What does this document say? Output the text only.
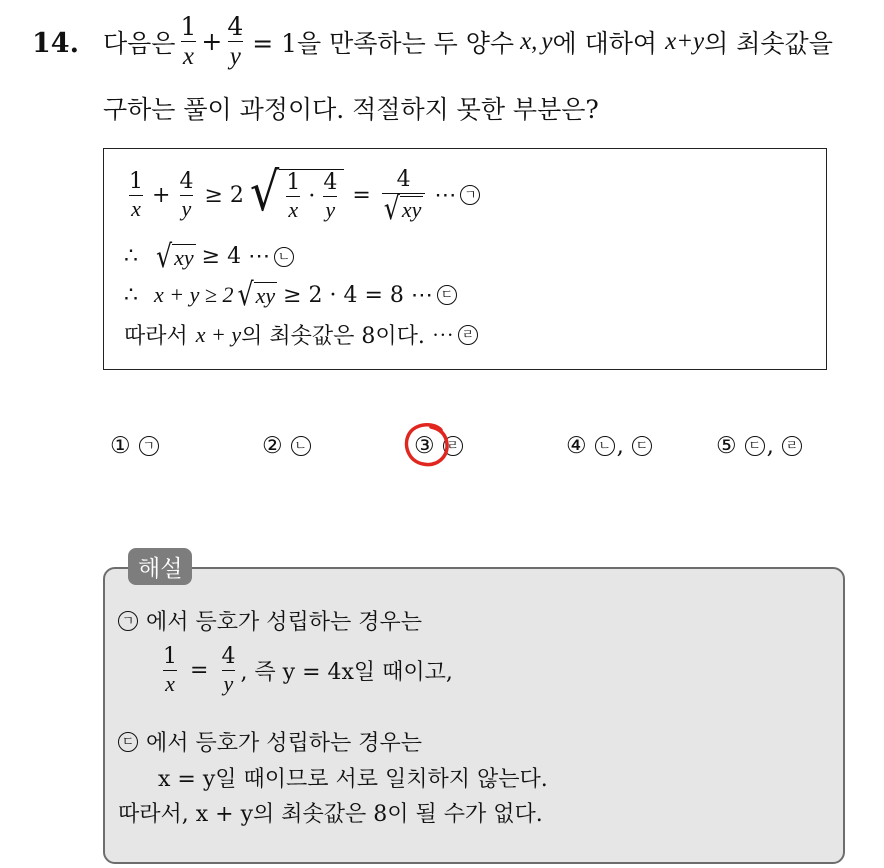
14. 다음은 $\frac{1}{x} + \frac{4}{y} = 1$을 만족하는 두 양수 x, y 에 대하여 x+y 의 최솟값을
구하는 풀이 과정이다. 적절하지 못한 부분은?
$\frac{1}{x} + \frac{4}{y} \ge 2$ √ $\frac{1}{x} \cdot \frac{4}{y} = \frac{4}{√ xy}$ ⋯ ㄱ
∴ √ xy ≥ 4 ⋯ ㄴ
∴ x + y ≥ 2 √ xy ≥ 2 · 4 = 8 ⋯ ㄷ
따라서 x + y 의 최솟값은 8이다. ⋯ ㄹ
① ㄱ	② ㄴ	③ ㄹ	④ ㄴ , ㄷ	⑤ ㄷ , ㄹ
해설
ㄱ 에서 등호가 성립하는 경우는
$\frac{1}{x} = \frac{4}{y}$ , 즉 y = 4x일 때이고,
ㄷ 에서 등호가 성립하는 경우는
x = y일 때이므로 서로 일치하지 않는다.
따라서, x + y의 최솟값은 8이 될 수가 없다.
